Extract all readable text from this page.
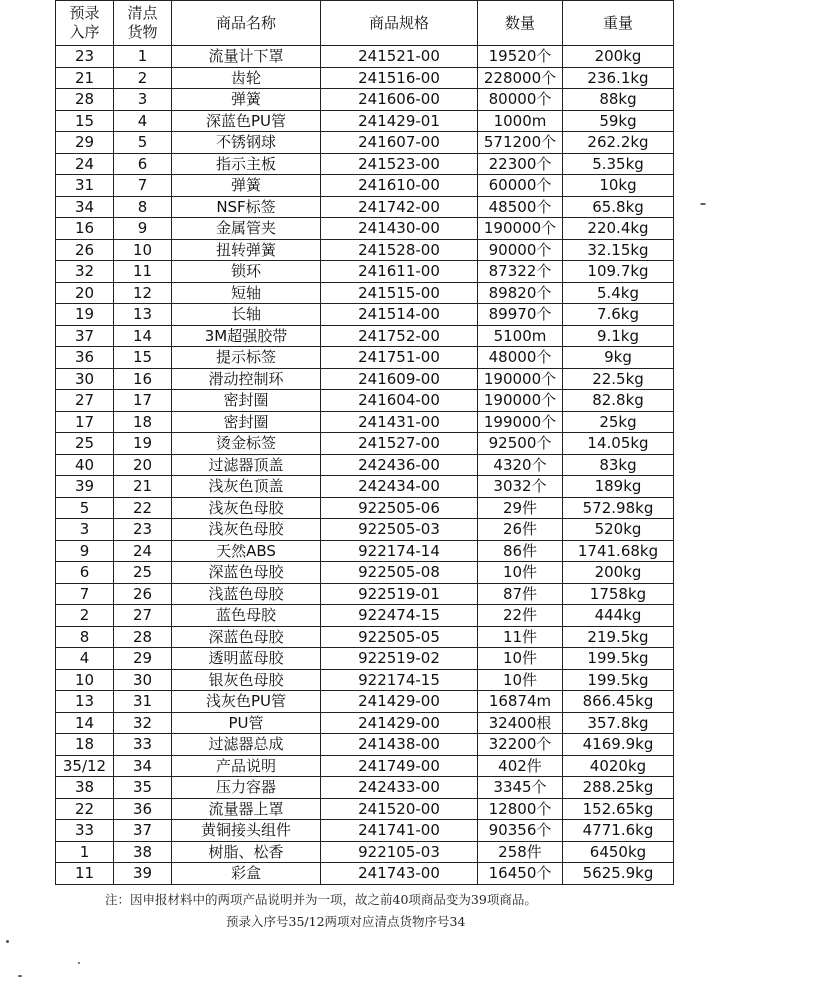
预录入序	清点货物	商品名称	商品规格	数量	重量
23	1	流量计下罩	241521-00	19520个	200kg
21	2	齿轮	241516-00	228000个	236.1kg
28	3	弹簧	241606-00	80000个	88kg
15	4	深蓝色PU管	241429-01	1000m	59kg
29	5	不锈钢球	241607-00	571200个	262.2kg
24	6	指示主板	241523-00	22300个	5.35kg
31	7	弹簧	241610-00	60000个	10kg
34	8	NSF标签	241742-00	48500个	65.8kg
16	9	金属管夹	241430-00	190000个	220.4kg
26	10	扭转弹簧	241528-00	90000个	32.15kg
32	11	锁环	241611-00	87322个	109.7kg
20	12	短轴	241515-00	89820个	5.4kg
19	13	长轴	241514-00	89970个	7.6kg
37	14	3M超强胶带	241752-00	5100m	9.1kg
36	15	提示标签	241751-00	48000个	9kg
30	16	滑动控制环	241609-00	190000个	22.5kg
27	17	密封圈	241604-00	190000个	82.8kg
17	18	密封圈	241431-00	199000个	25kg
25	19	烫金标签	241527-00	92500个	14.05kg
40	20	过滤器顶盖	242436-00	4320个	83kg
39	21	浅灰色顶盖	242434-00	3032个	189kg
5	22	浅灰色母胶	922505-06	29件	572.98kg
3	23	浅灰色母胶	922505-03	26件	520kg
9	24	天然ABS	922174-14	86件	1741.68kg
6	25	深蓝色母胶	922505-08	10件	200kg
7	26	浅蓝色母胶	922519-01	87件	1758kg
2	27	蓝色母胶	922474-15	22件	444kg
8	28	深蓝色母胶	922505-05	11件	219.5kg
4	29	透明蓝母胶	922519-02	10件	199.5kg
10	30	银灰色母胶	922174-15	10件	199.5kg
13	31	浅灰色PU管	241429-00	16874m	866.45kg
14	32	PU管	241429-00	32400根	357.8kg
18	33	过滤器总成	241438-00	32200个	4169.9kg
35/12	34	产品说明	241749-00	402件	4020kg
38	35	压力容器	242433-00	3345个	288.25kg
22	36	流量器上罩	241520-00	12800个	152.65kg
33	37	黄铜接头组件	241741-00	90356个	4771.6kg
1	38	树脂、松香	922105-03	258件	6450kg
11	39	彩盒	241743-00	16450个	5625.9kg
注：因申报材料中的两项产品说明并为一项，故之前40项商品变为39项商品。
预录入序号35/12两项对应清点货物序号34
